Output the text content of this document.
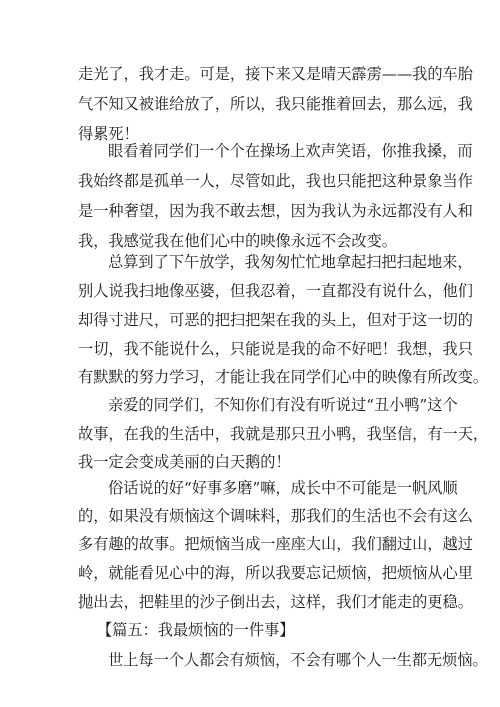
走光了，我才走。可是，接下来又是晴天霹雳——我的车胎
气不知又被谁给放了，所以，我只能推着回去，那么远，我
得累死！
眼看着同学们一个个在操场上欢声笑语，你推我搡，而
我始终都是孤单一人，尽管如此，我也只能把这种景象当作
是一种奢望，因为我不敢去想，因为我认为永远都没有人和
我，我感觉我在他们心中的映像永远不会改变。
总算到了下午放学，我匆匆忙忙地拿起扫把扫起地来，
别人说我扫地像巫婆，但我忍着，一直都没有说什么，他们
却得寸进尺，可恶的把扫把架在我的头上，但对于这一切的
一切，我不能说什么，只能说是我的命不好吧！我想，我只
有默默的努力学习，才能让我在同学们心中的映像有所改变。
亲爱的同学们，不知你们有没有听说过“丑小鸭”这个
故事，在我的生活中，我就是那只丑小鸭，我坚信，有一天，
我一定会变成美丽的白天鹅的！
俗话说的好“好事多磨”嘛，成长中不可能是一帆风顺
的，如果没有烦恼这个调味料，那我们的生活也不会有这么
多有趣的故事。把烦恼当成一座座大山，我们翻过山，越过
岭，就能看见心中的海，所以我要忘记烦恼，把烦恼从心里
抛出去，把鞋里的沙子倒出去，这样，我们才能走的更稳。
【篇五：我最烦恼的一件事】
世上每一个人都会有烦恼，不会有哪个人一生都无烦恼。
